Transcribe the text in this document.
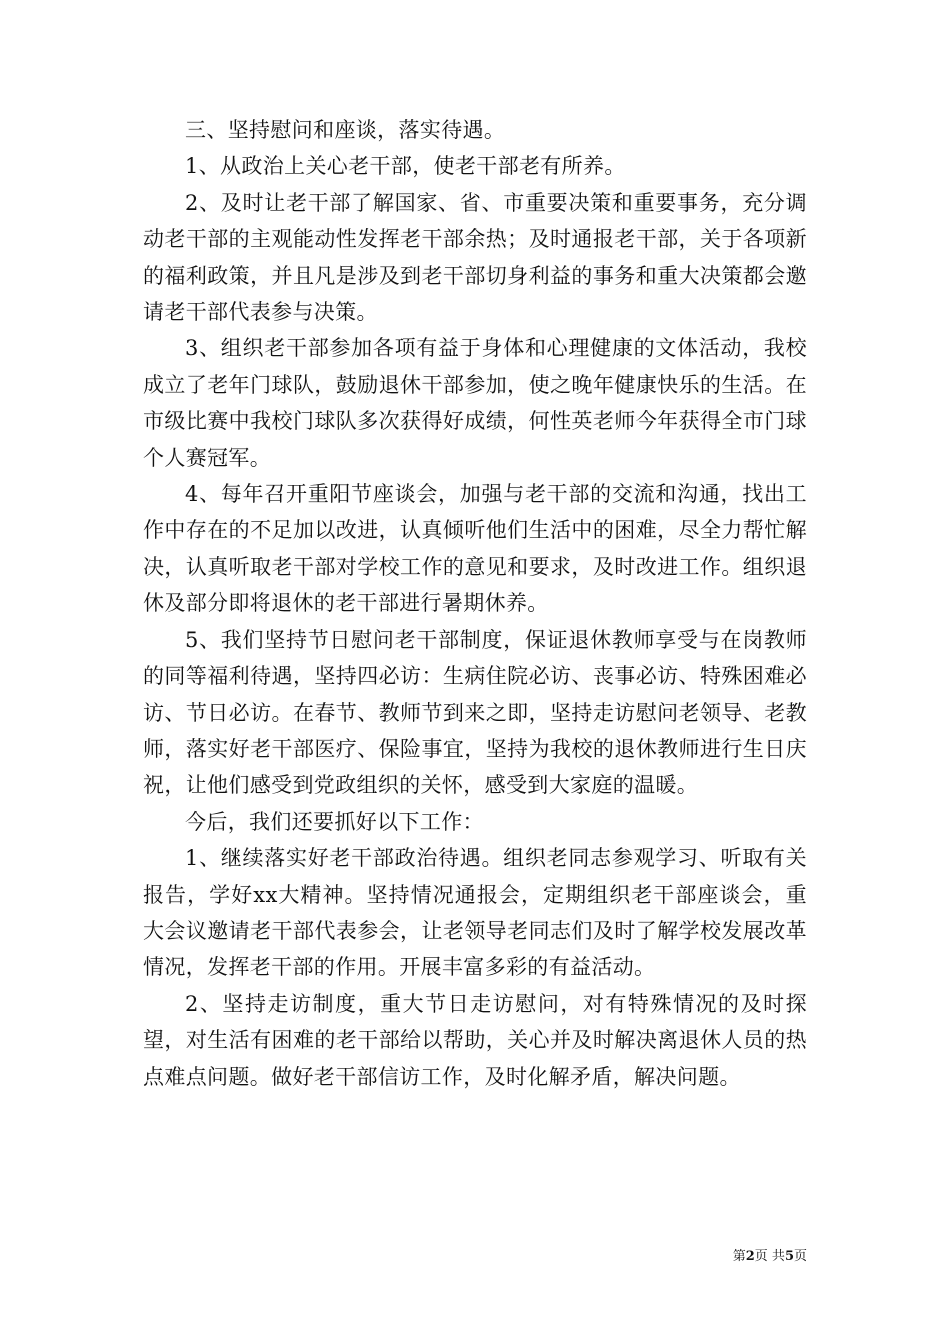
三、坚持慰问和座谈，落实待遇。

1、从政治上关心老干部，使老干部老有所养。

2、及时让老干部了解国家、省、市重要决策和重要事务，充分调动老干部的主观能动性发挥老干部余热；及时通报老干部，关于各项新的福利政策，并且凡是涉及到老干部切身利益的事务和重大决策都会邀请老干部代表参与决策。

3、组织老干部参加各项有益于身体和心理健康的文体活动，我校成立了老年门球队，鼓励退休干部参加，使之晚年健康快乐的生活。在市级比赛中我校门球队多次获得好成绩，何性英老师今年获得全市门球个人赛冠军。

4、每年召开重阳节座谈会，加强与老干部的交流和沟通，找出工作中存在的不足加以改进，认真倾听他们生活中的困难，尽全力帮忙解决，认真听取老干部对学校工作的意见和要求，及时改进工作。组织退休及部分即将退休的老干部进行暑期休养。

5、我们坚持节日慰问老干部制度，保证退休教师享受与在岗教师的同等福利待遇，坚持四必访：生病住院必访、丧事必访、特殊困难必访、节日必访。在春节、教师节到来之即，坚持走访慰问老领导、老教师，落实好老干部医疗、保险事宜，坚持为我校的退休教师进行生日庆祝，让他们感受到党政组织的关怀，感受到大家庭的温暖。

今后，我们还要抓好以下工作：

1、继续落实好老干部政治待遇。组织老同志参观学习、听取有关报告，学好xx大精神。坚持情况通报会，定期组织老干部座谈会，重大会议邀请老干部代表参会，让老领导老同志们及时了解学校发展改革情况，发挥老干部的作用。开展丰富多彩的有益活动。

2、坚持走访制度，重大节日走访慰问，对有特殊情况的及时探望，对生活有困难的老干部给以帮助，关心并及时解决离退休人员的热点难点问题。做好老干部信访工作，及时化解矛盾，解决问题。

第2页 共5页
